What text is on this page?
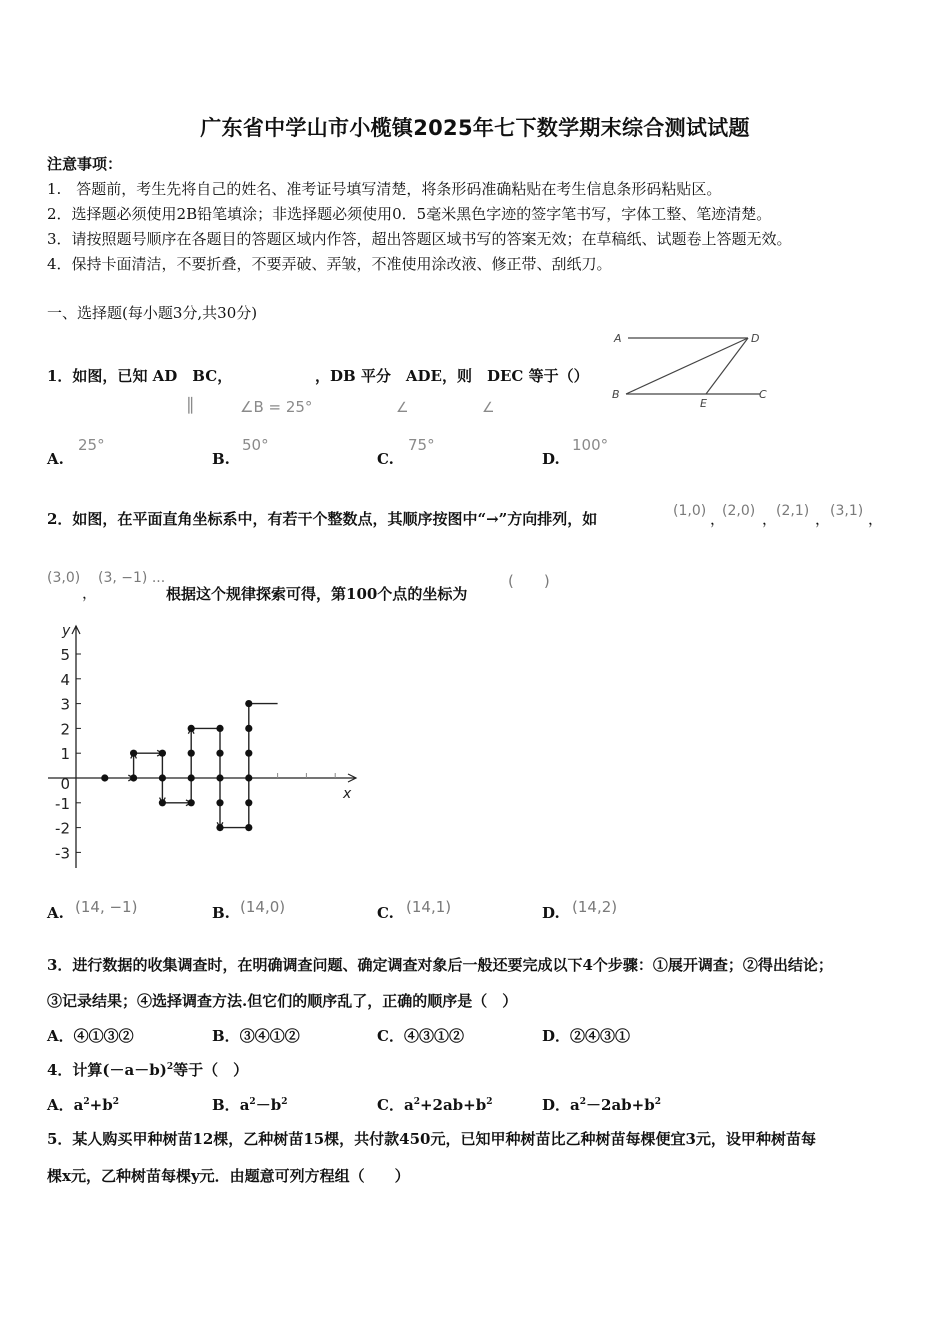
广东省中学山市小榄镇2025年七下数学期末综合测试试题
注意事项：
1.　答题前，考生先将自己的姓名、准考证号填写清楚，将条形码准确粘贴在考生信息条形码粘贴区。
2．选择题必须使用2B铅笔填涂；非选择题必须使用0．5毫米黑色字迹的签字笔书写，字体工整、笔迹清楚。
3．请按照题号顺序在各题目的答题区域内作答，超出答题区域书写的答案无效；在草稿纸、试题卷上答题无效。
4．保持卡面清洁，不要折叠，不要弄破、弄皱，不准使用涂改液、修正带、刮纸刀。
一、选择题(每小题3分,共30分)
1．如图，已知 AD　BC，	，DB 平分　ADE，则　DEC 等于（）
∥	∠B = 25°	∠	∠
A	D
B
E
C
A.
25°
B.
50°
C.
75°
D.
100°
2．如图，在平面直角坐标系中，有若干个整数点，其顺序按图中“→”方向排列，如	(1,0) ，
(2,0) ，
(2,1) ， (3,1) ，
(3,0)
，
(3, −1) ...
根据这个规律探索可得，第100个点的坐标为
(　　)
x
y
5
4
3
2
1
0
-1
-2
-3
A. (14, −1)	B. (14,0)	C. (14,1)	D. (14,2)
3．进行数据的收集调查时，在明确调查问题、确定调查对象后一般还要完成以下4个步骤：①展开调查；②得出结论；
③记录结果；④选择调查方法.但它们的顺序乱了，正确的顺序是（　）
A．④①③②	B．③④①②	C．④③①②	D．②④③①
4．计算$(-a-b)^2$等于（　）
A．$a^2+b^2$	B．$a^2-b^2$	C．$a^2+2ab+b^2$	D．$a^2-2ab+b^2$
5．某人购买甲种树苗12棵，乙种树苗15棵，共付款450元，已知甲种树苗比乙种树苗每棵便宜3元，设甲种树苗每
棵x元，乙种树苗每棵y元．由题意可列方程组（　　）
